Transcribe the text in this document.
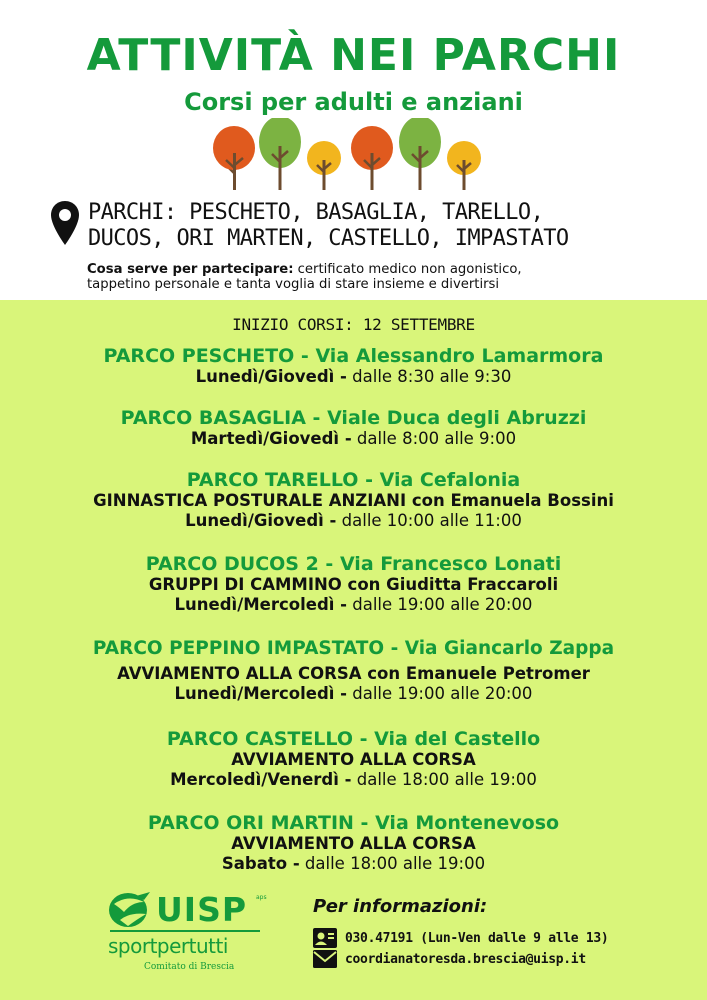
ATTIVITÀ NEI PARCHI
Corsi per adulti e anziani
PARCHI: PESCHETO, BASAGLIA, TARELLO,
DUCOS, ORI MARTEN, CASTELLO, IMPASTATO
Cosa serve per partecipare: certificato medico non agonistico,
tappetino personale e tanta voglia di stare insieme e divertirsi
INIZIO CORSI: 12 SETTEMBRE
PARCO PESCHETO - Via Alessandro Lamarmora
Lunedì/Giovedì - dalle 8:30 alle 9:30
PARCO BASAGLIA - Viale Duca degli Abruzzi
Martedì/Giovedì - dalle 8:00 alle 9:00
PARCO TARELLO - Via Cefalonia
GINNASTICA POSTURALE ANZIANI con Emanuela Bossini
Lunedì/Giovedì - dalle 10:00 alle 11:00
PARCO DUCOS 2 - Via Francesco Lonati
GRUPPI DI CAMMINO con Giuditta Fraccaroli
Lunedì/Mercoledì - dalle 19:00 alle 20:00
PARCO PEPPINO IMPASTATO - Via Giancarlo Zappa
AVVIAMENTO ALLA CORSA con Emanuele Petromer
Lunedì/Mercoledì - dalle 19:00 alle 20:00
PARCO CASTELLO - Via del Castello
AVVIAMENTO ALLA CORSA
Mercoledì/Venerdì - dalle 18:00 alle 19:00
PARCO ORI MARTIN - Via Montenevoso
AVVIAMENTO ALLA CORSA
Sabato - dalle 18:00 alle 19:00
UISP aps
sportpertutti
Comitato di Brescia
Per informazioni:
030.47191 (Lun-Ven dalle 9 alle 13)
coordianatoresda.brescia@uisp.it
